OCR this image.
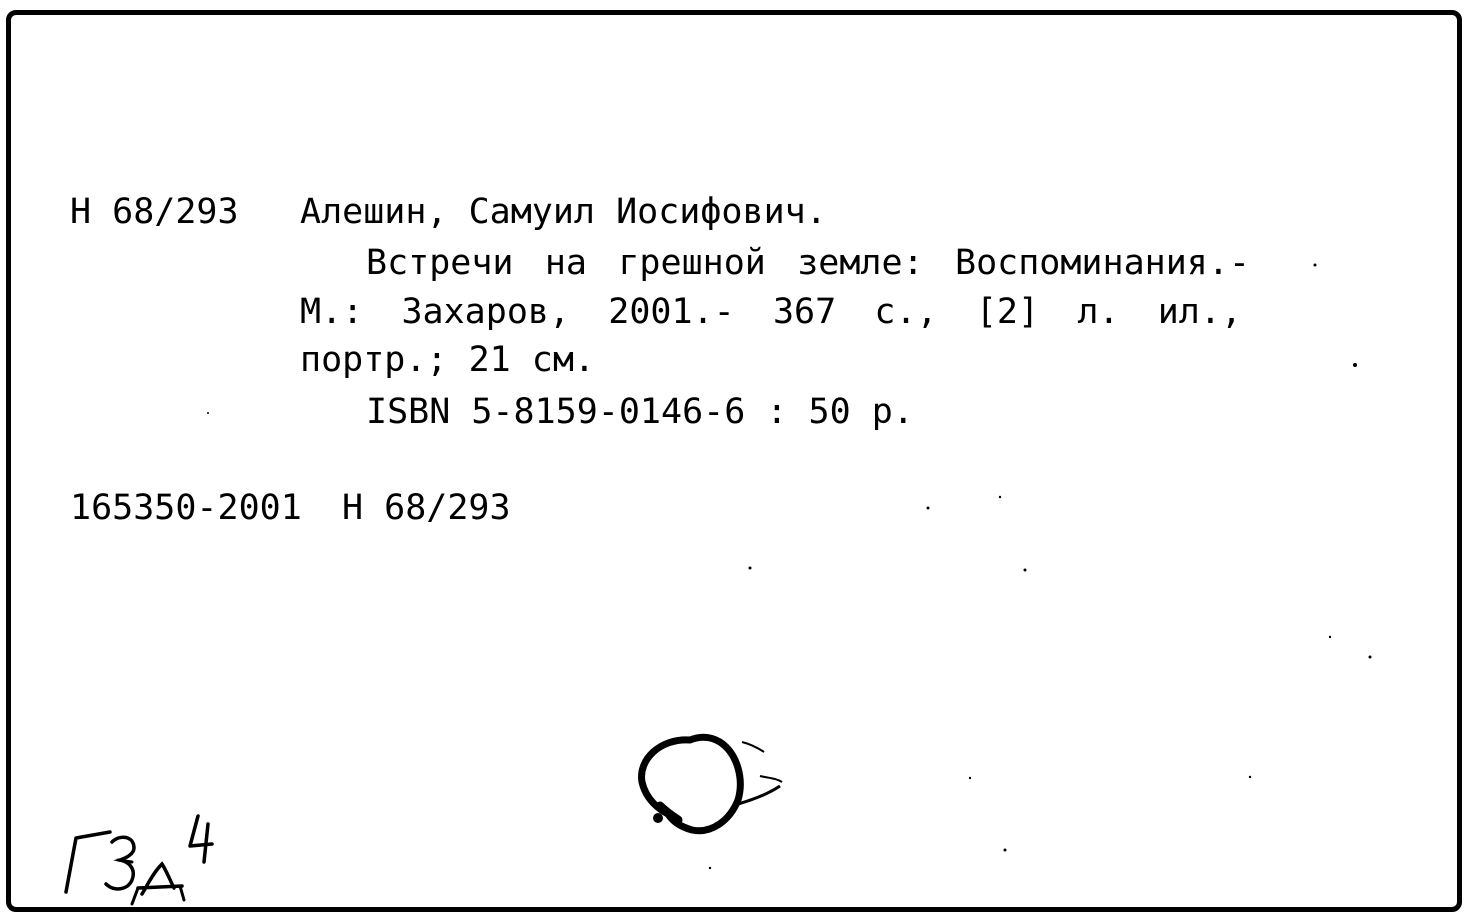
Н 68/293 Алешин, Самуил Иосифович.
Встречи на грешной земле: Воспоминания.-
М.: Захаров, 2001.- 367 с., [2] л. ил.,
портр.; 21 см.
ISBN 5-8159-0146-6 : 50 р.
165350-2001 Н 68/293
